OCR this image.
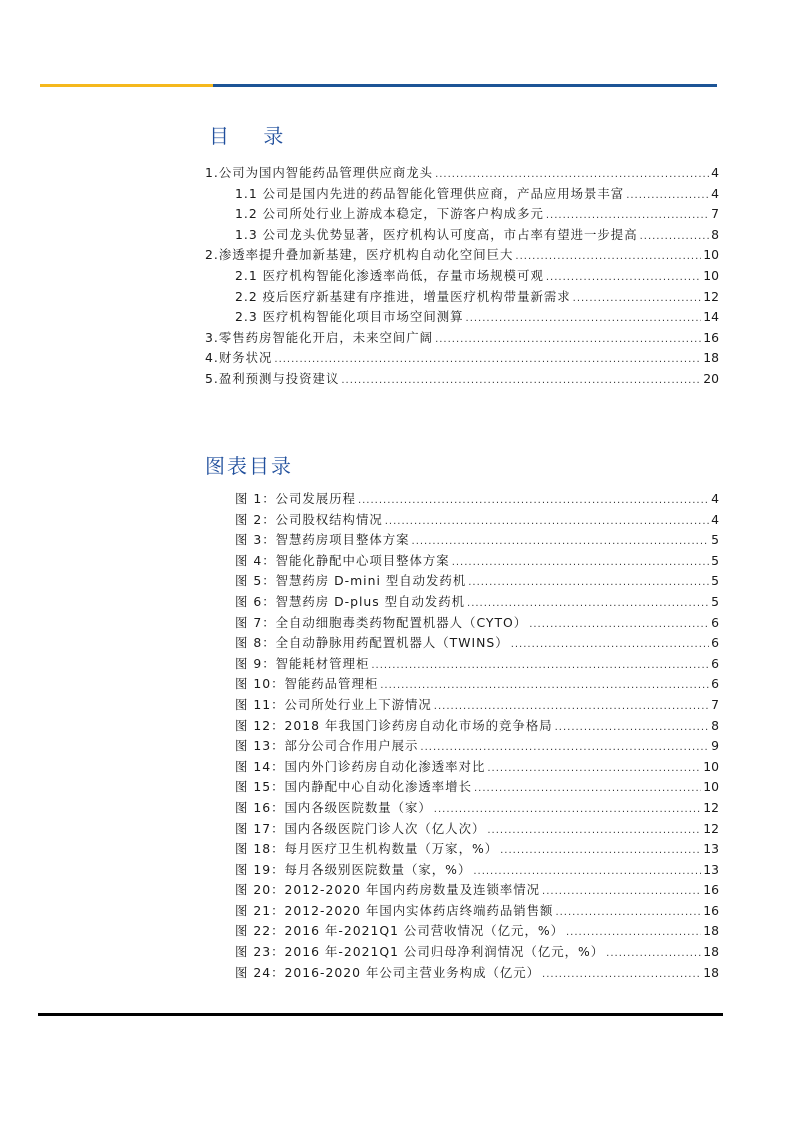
目 录
1.公司为国内智能药品管理供应商龙头 .....	4
1.1 公司是国内先进的药品智能化管理供应商，产品应用场景丰富 .....	4
1.2 公司所处行业上游成本稳定，下游客户构成多元 .....	7
1.3 公司龙头优势显著，医疗机构认可度高，市占率有望进一步提高 .....	8
2.渗透率提升叠加新基建，医疗机构自动化空间巨大 .....	10
2.1 医疗机构智能化渗透率尚低，存量市场规模可观 .....	10
2.2 疫后医疗新基建有序推进，增量医疗机构带量新需求 .....	12
2.3 医疗机构智能化项目市场空间测算 .....	14
3.零售药房智能化开启，未来空间广阔 .....	16
4.财务状况 .....	18
5.盈利预测与投资建议 .....	20
图表目录
图 1：公司发展历程 .....	4
图 2：公司股权结构情况 .....	4
图 3：智慧药房项目整体方案 .....	5
图 4：智能化静配中心项目整体方案 .....	5
图 5：智慧药房 D-mini 型自动发药机 .....	5
图 6：智慧药房 D-plus 型自动发药机 .....	5
图 7：全自动细胞毒类药物配置机器人（CYTO） .....	6
图 8：全自动静脉用药配置机器人（TWINS） .....	6
图 9：智能耗材管理柜 .....	6
图 10：智能药品管理柜 .....	6
图 11：公司所处行业上下游情况 .....	7
图 12：2018 年我国门诊药房自动化市场的竞争格局 .....	8
图 13：部分公司合作用户展示 .....	9
图 14：国内外门诊药房自动化渗透率对比 .....	10
图 15：国内静配中心自动化渗透率增长 .....	10
图 16：国内各级医院数量（家） .....	12
图 17：国内各级医院门诊人次（亿人次） .....	12
图 18：每月医疗卫生机构数量（万家，%） .....	13
图 19：每月各级别医院数量（家，%） .....	13
图 20：2012-2020 年国内药房数量及连锁率情况 .....	16
图 21：2012-2020 年国内实体药店终端药品销售额 .....	16
图 22：2016 年-2021Q1 公司营收情况（亿元，%） .....	18
图 23：2016 年-2021Q1 公司归母净利润情况（亿元，%） .....	18
图 24：2016-2020 年公司主营业务构成（亿元） .....	18
